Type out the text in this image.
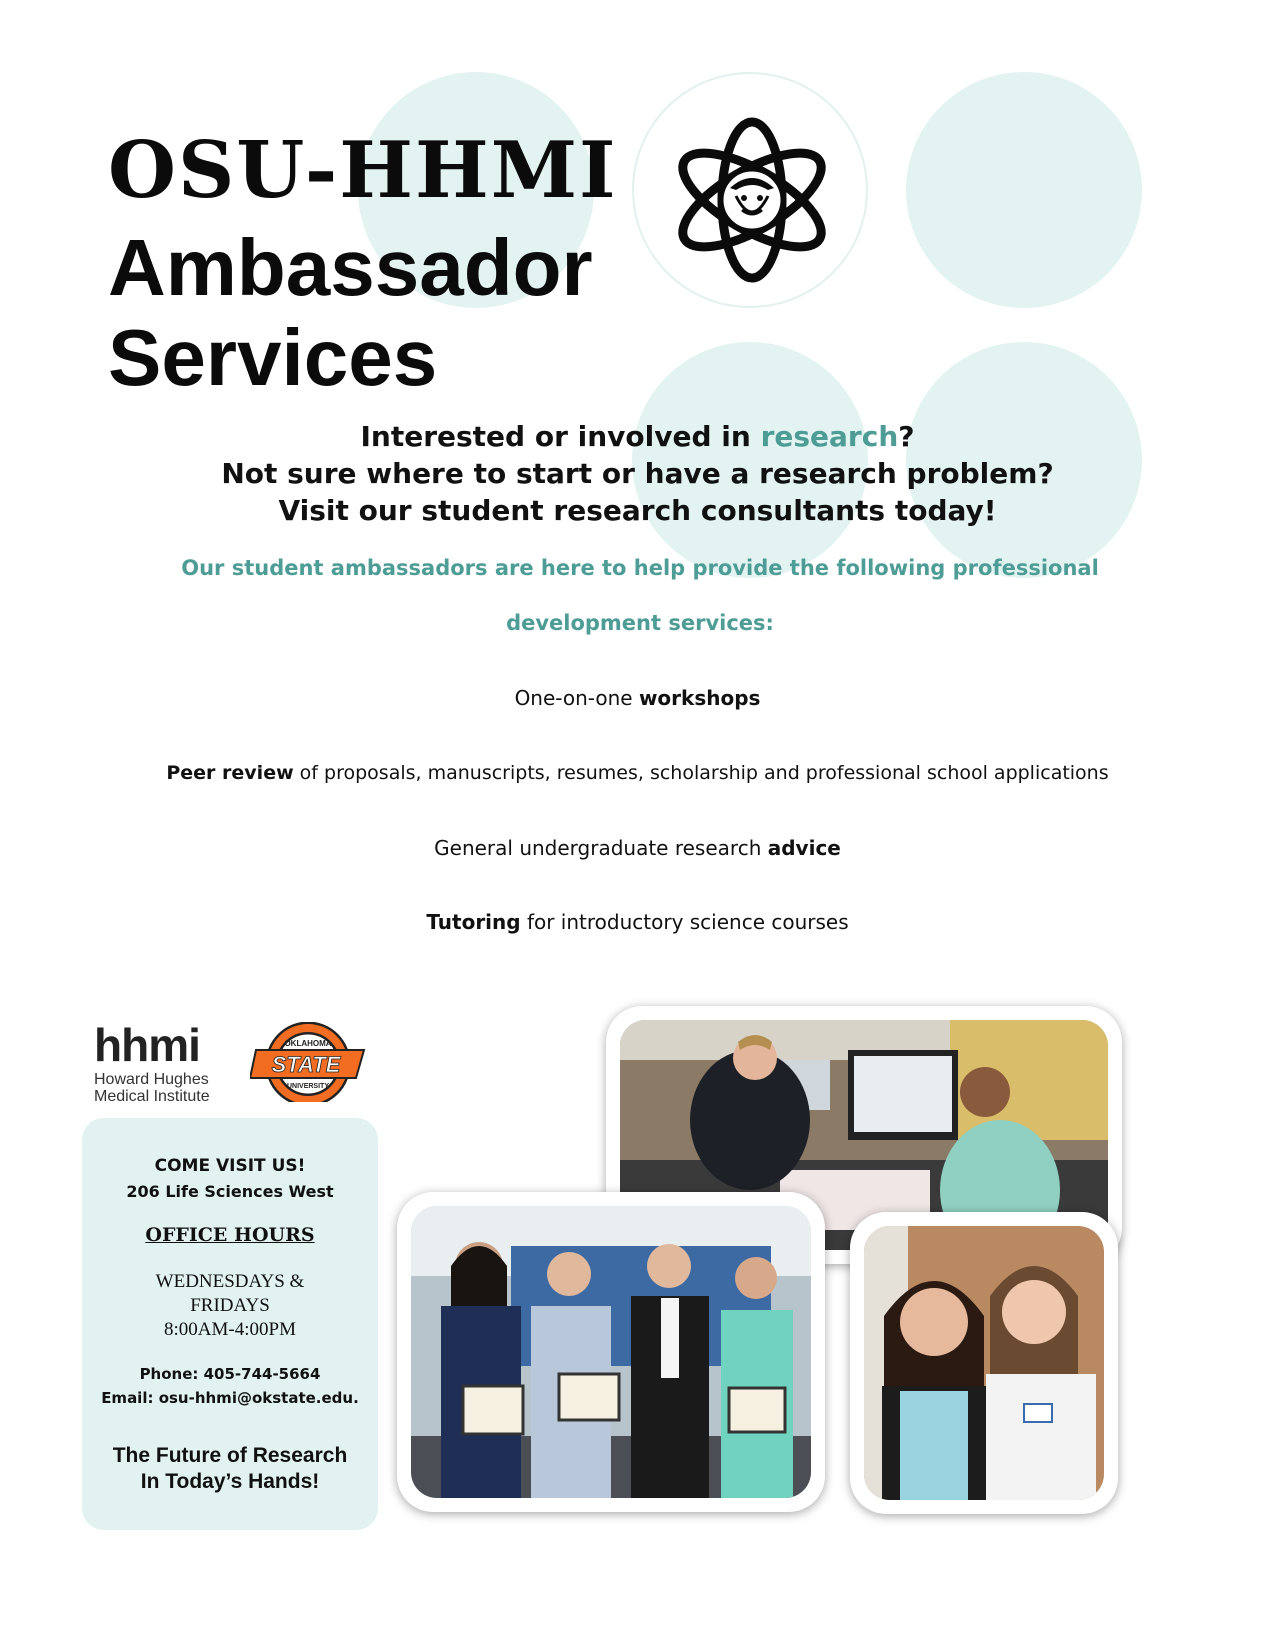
OSU-HHMI
Ambassador
Services

Interested or involved in research?

Not sure where to start or have a research problem?

Visit our student research consultants today!

Our student ambassadors are here to help provide the following professional

development services:

One-on-one workshops

Peer review of proposals, manuscripts, resumes, scholarship and professional school applications

General undergraduate research advice

Tutoring for introductory science courses

hhmi
Howard Hughes
Medical Institute
OKLAHOMA
STATE
UNIVERSITY
COME VISIT US!
206 Life Sciences West
OFFICE HOURS
WEDNESDAYS &
FRIDAYS
8:00AM-4:00PM
Phone: 405-744-5664
Email: osu-hhmi@okstate.edu.
The Future of Research
In Today’s Hands!
